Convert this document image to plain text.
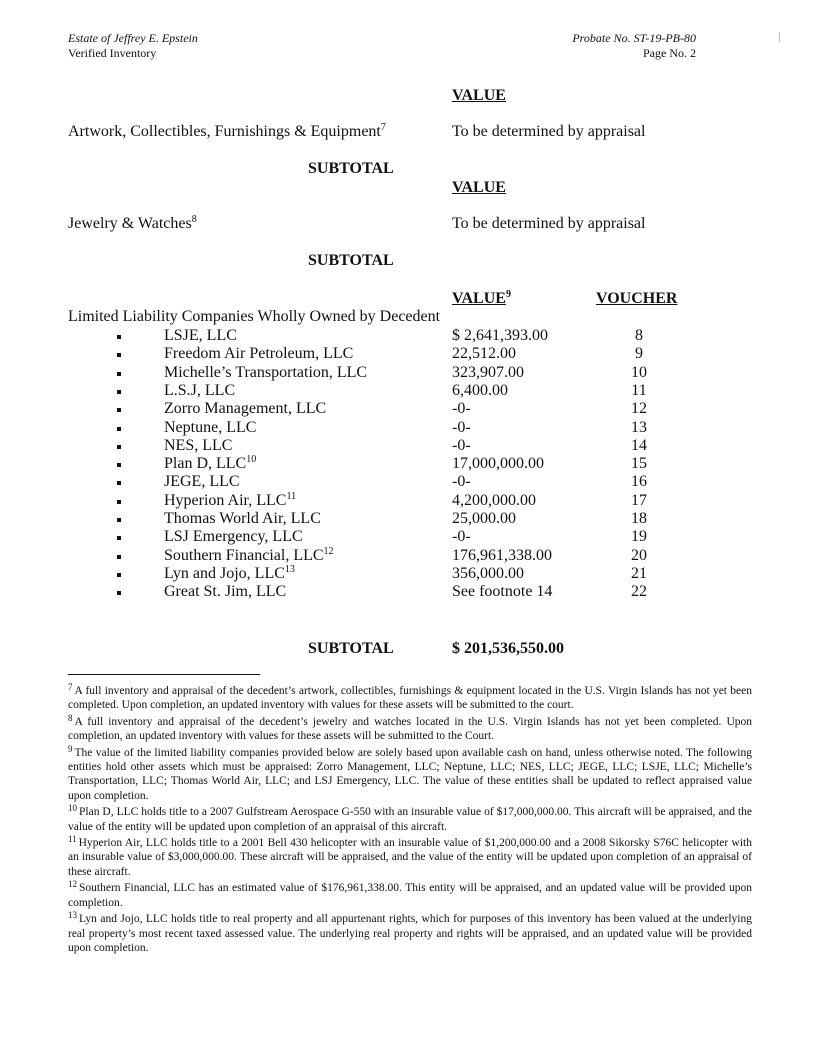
Estate of Jeffrey E. Epstein
Verified Inventory
Probate No. ST-19-PB-80
Page No. 2
VALUE
Artwork, Collectibles, Furnishings & Equipment$^7$	To be determined by appraisal
SUBTOTAL
VALUE
Jewelry & Watches$^8$	To be determined by appraisal
SUBTOTAL
VALUE$^9$	VOUCHER
Limited Liability Companies Wholly Owned by Decedent
LSJE, LLC	$ 2,641,393.00	8
Freedom Air Petroleum, LLC	22,512.00	9
Michelle’s Transportation, LLC	323,907.00	10
L.S.J, LLC	6,400.00	11
Zorro Management, LLC	-0-	12
Neptune, LLC	-0-	13
NES, LLC	-0-	14
Plan D, LLC$^{10}$	17,000,000.00	15
JEGE, LLC	-0-	16
Hyperion Air, LLC$^{11}$	4,200,000.00	17
Thomas World Air, LLC	25,000.00	18
LSJ Emergency, LLC	-0-	19
Southern Financial, LLC$^{12}$	176,961,338.00	20
Lyn and Jojo, LLC$^{13}$	356,000.00	21
Great St. Jim, LLC	See footnote 14	22
SUBTOTAL	$ 201,536,550.00

$^7$ A full inventory and appraisal of the decedent’s artwork, collectibles, furnishings & equipment located in the U.S. Virgin Islands has not yet been completed. Upon completion, an updated inventory with values for these assets will be submitted to the court.

$^8$ A full inventory and appraisal of the decedent’s jewelry and watches located in the U.S. Virgin Islands has not yet been completed. Upon completion, an updated inventory with values for these assets will be submitted to the Court.

$^9$ The value of the limited liability companies provided below are solely based upon available cash on hand, unless otherwise noted. The following entities hold other assets which must be appraised: Zorro Management, LLC; Neptune, LLC; NES, LLC; JEGE, LLC; LSJE, LLC; Michelle’s Transportation, LLC; Thomas World Air, LLC; and LSJ Emergency, LLC. The value of these entities shall be updated to reflect appraised value upon completion.

$^{10}$ Plan D, LLC holds title to a 2007 Gulfstream Aerospace G-550 with an insurable value of $17,000,000.00. This aircraft will be appraised, and the value of the entity will be updated upon completion of an appraisal of this aircraft.

$^{11}$ Hyperion Air, LLC holds title to a 2001 Bell 430 helicopter with an insurable value of $1,200,000.00 and a 2008 Sikorsky S76C helicopter with an insurable value of $3,000,000.00. These aircraft will be appraised, and the value of the entity will be updated upon completion of an appraisal of these aircraft.

$^{12}$ Southern Financial, LLC has an estimated value of $176,961,338.00. This entity will be appraised, and an updated value will be provided upon completion.

$^{13}$ Lyn and Jojo, LLC holds title to real property and all appurtenant rights, which for purposes of this inventory has been valued at the underlying real property’s most recent taxed assessed value. The underlying real property and rights will be appraised, and an updated value will be provided upon completion.
